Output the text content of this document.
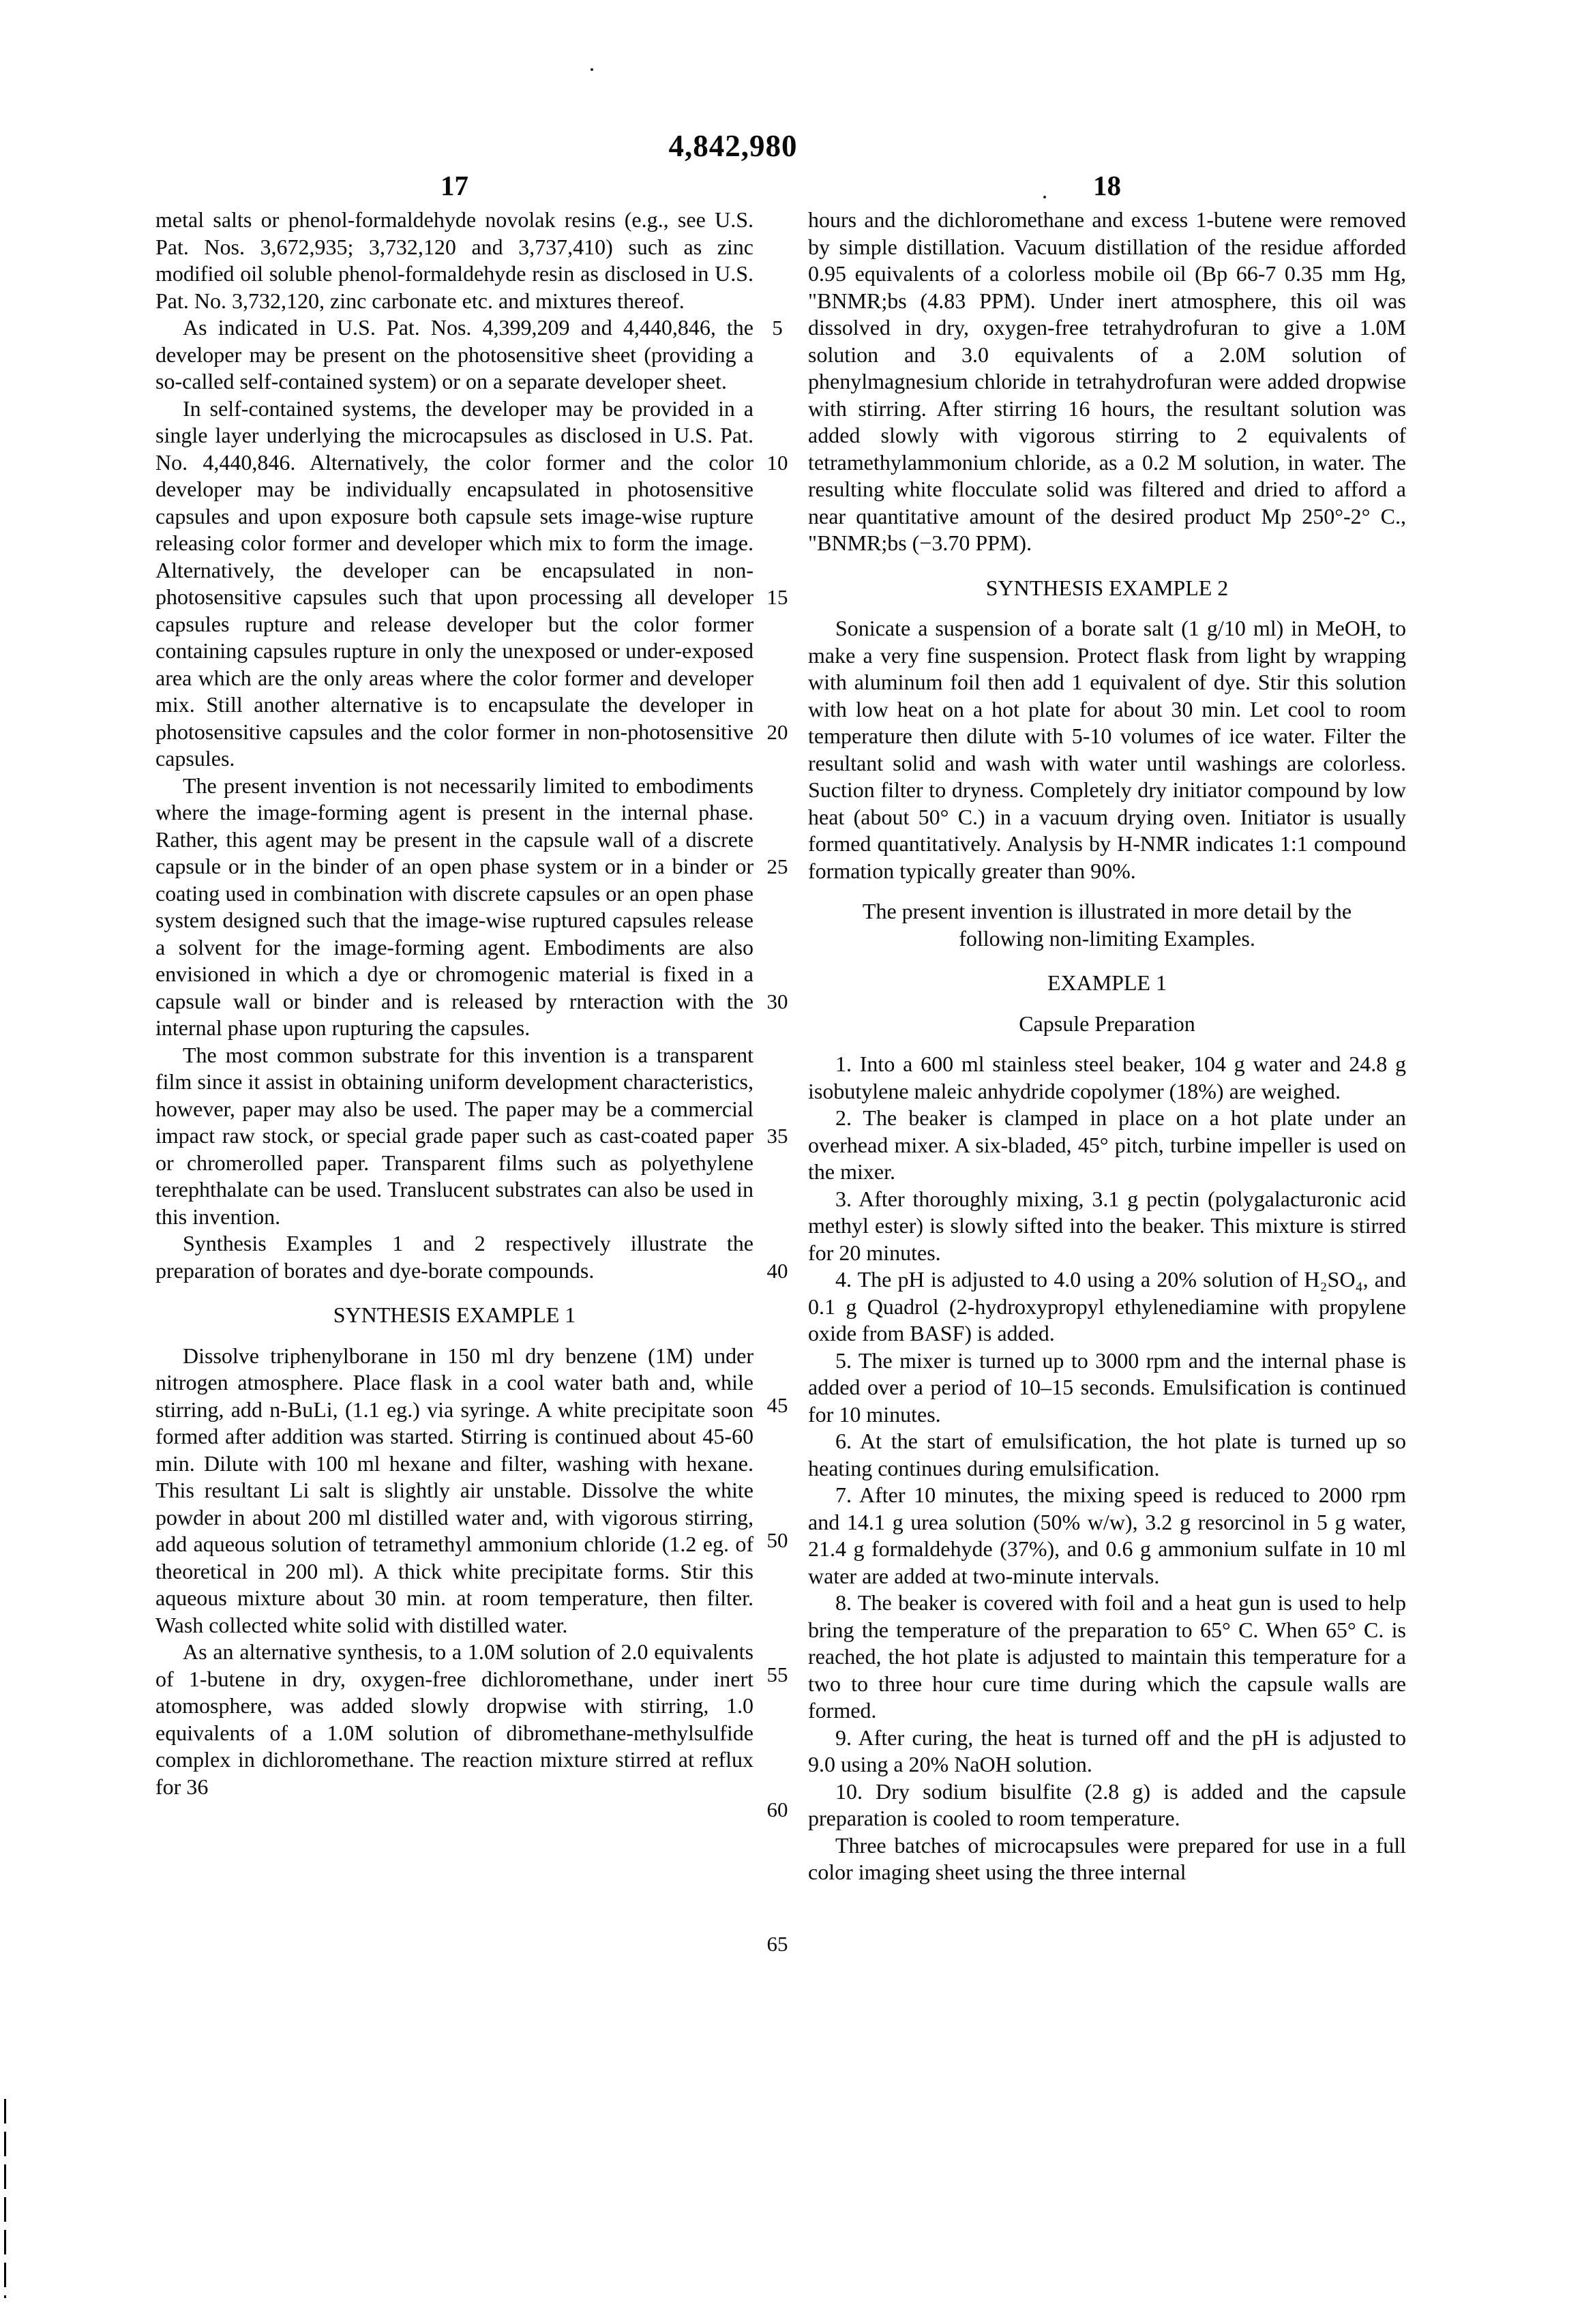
4,842,980
17	18

metal salts or phenol-formaldehyde novolak resins (e.g., see U.S. Pat. Nos. 3,672,935; 3,732,120 and 3,737,410) such as zinc modified oil soluble phenol-formaldehyde resin as disclosed in U.S. Pat. No. 3,732,120, zinc carbonate etc. and mixtures thereof.

As indicated in U.S. Pat. Nos. 4,399,209 and 4,440,846, the developer may be present on the photosensitive sheet (providing a so-called self-contained system) or on a separate developer sheet.

In self-contained systems, the developer may be provided in a single layer underlying the microcapsules as disclosed in U.S. Pat. No. 4,440,846. Alternatively, the color former and the color developer may be individually encapsulated in photosensitive capsules and upon exposure both capsule sets image-wise rupture releasing color former and developer which mix to form the image. Alternatively, the developer can be encapsulated in non-photosensitive capsules such that upon processing all developer capsules rupture and release developer but the color former containing capsules rupture in only the unexposed or under-exposed area which are the only areas where the color former and developer mix. Still another alternative is to encapsulate the developer in photosensitive capsules and the color former in non-photosensitive capsules.

The present invention is not necessarily limited to embodiments where the image-forming agent is present in the internal phase. Rather, this agent may be present in the capsule wall of a discrete capsule or in the binder of an open phase system or in a binder or coating used in combination with discrete capsules or an open phase system designed such that the image-wise ruptured capsules release a solvent for the image-forming agent. Embodiments are also envisioned in which a dye or chromogenic material is fixed in a capsule wall or binder and is released by rnteraction with the internal phase upon rupturing the capsules.

The most common substrate for this invention is a transparent film since it assist in obtaining uniform development characteristics, however, paper may also be used. The paper may be a commercial impact raw stock, or special grade paper such as cast-coated paper or chromerolled paper. Transparent films such as polyethylene terephthalate can be used. Translucent substrates can also be used in this invention.

Synthesis Examples 1 and 2 respectively illustrate the preparation of borates and dye-borate compounds.

SYNTHESIS EXAMPLE 1

Dissolve triphenylborane in 150 ml dry benzene (1M) under nitrogen atmosphere. Place flask in a cool water bath and, while stirring, add n-BuLi, (1.1 eg.) via syringe. A white precipitate soon formed after addition was started. Stirring is continued about 45-60 min. Dilute with 100 ml hexane and filter, washing with hexane. This resultant Li salt is slightly air unstable. Dissolve the white powder in about 200 ml distilled water and, with vigorous stirring, add aqueous solution of tetramethyl ammonium chloride (1.2 eg. of theoretical in 200 ml). A thick white precipitate forms. Stir this aqueous mixture about 30 min. at room temperature, then filter. Wash collected white solid with distilled water.

As an alternative synthesis, to a 1.0M solution of 2.0 equivalents of 1-butene in dry, oxygen-free dichloromethane, under inert atomosphere, was added slowly dropwise with stirring, 1.0 equivalents of a 1.0M solution of dibromethane-methylsulfide complex in dichloromethane. The reaction mixture stirred at reflux for 36

5
10
15
20
25
30
35
40
45
50
55
60
65

hours and the dichloromethane and excess 1-butene were removed by simple distillation. Vacuum distillation of the residue afforded 0.95 equivalents of a colorless mobile oil (Bp 66-7 0.35 mm Hg, "BNMR;bs (4.83 PPM). Under inert atmosphere, this oil was dissolved in dry, oxygen-free tetrahydrofuran to give a 1.0M solution and 3.0 equivalents of a 2.0M solution of phenylmagnesium chloride in tetrahydrofuran were added dropwise with stirring. After stirring 16 hours, the resultant solution was added slowly with vigorous stirring to 2 equivalents of tetramethylammonium chloride, as a 0.2 M solution, in water. The resulting white flocculate solid was filtered and dried to afford a near quantitative amount of the desired product Mp 250°-2° C., "BNMR;bs (−3.70 PPM).

SYNTHESIS EXAMPLE 2

Sonicate a suspension of a borate salt (1 g/10 ml) in MeOH, to make a very fine suspension. Protect flask from light by wrapping with aluminum foil then add 1 equivalent of dye. Stir this solution with low heat on a hot plate for about 30 min. Let cool to room temperature then dilute with 5-10 volumes of ice water. Filter the resultant solid and wash with water until washings are colorless. Suction filter to dryness. Completely dry initiator compound by low heat (about 50° C.) in a vacuum drying oven. Initiator is usually formed quantitatively. Analysis by H-NMR indicates 1:1 compound formation typically greater than 90%.

The present invention is illustrated in more detail by the following non-limiting Examples.

EXAMPLE 1

Capsule Preparation

1. Into a 600 ml stainless steel beaker, 104 g water and 24.8 g isobutylene maleic anhydride copolymer (18%) are weighed.

2. The beaker is clamped in place on a hot plate under an overhead mixer. A six-bladed, 45° pitch, turbine impeller is used on the mixer.

3. After thoroughly mixing, 3.1 g pectin (polygalacturonic acid methyl ester) is slowly sifted into the beaker. This mixture is stirred for 20 minutes.

4. The pH is adjusted to 4.0 using a 20% solution of H₂SO₄, and 0.1 g Quadrol (2-hydroxypropyl ethylenediamine with propylene oxide from BASF) is added.

5. The mixer is turned up to 3000 rpm and the internal phase is added over a period of 10–15 seconds. Emulsification is continued for 10 minutes.

6. At the start of emulsification, the hot plate is turned up so heating continues during emulsification.

7. After 10 minutes, the mixing speed is reduced to 2000 rpm and 14.1 g urea solution (50% w/w), 3.2 g resorcinol in 5 g water, 21.4 g formaldehyde (37%), and 0.6 g ammonium sulfate in 10 ml water are added at two-minute intervals.

8. The beaker is covered with foil and a heat gun is used to help bring the temperature of the preparation to 65° C. When 65° C. is reached, the hot plate is adjusted to maintain this temperature for a two to three hour cure time during which the capsule walls are formed.

9. After curing, the heat is turned off and the pH is adjusted to 9.0 using a 20% NaOH solution.

10. Dry sodium bisulfite (2.8 g) is added and the capsule preparation is cooled to room temperature.

Three batches of microcapsules were prepared for use in a full color imaging sheet using the three internal
